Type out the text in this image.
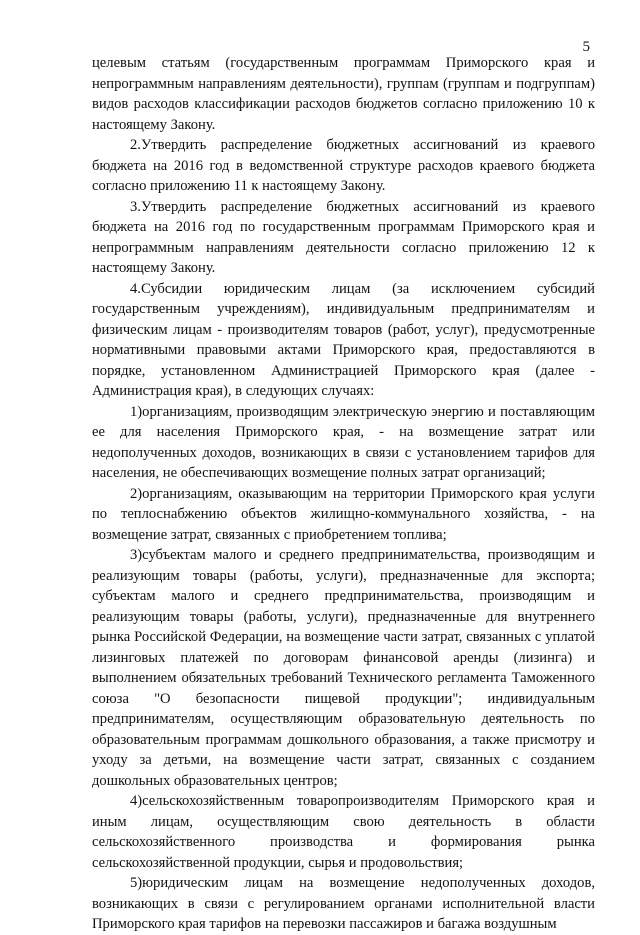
5

целевым статьям (государственным программам Приморского края и непрограммным направлениям деятельности), группам (группам и подгруппам) видов расходов классификации расходов бюджетов согласно приложению 10 к настоящему Закону.

2.Утвердить распределение бюджетных ассигнований из краевого бюджета на 2016 год в ведомственной структуре расходов краевого бюджета согласно приложению 11 к настоящему Закону.

3.Утвердить распределение бюджетных ассигнований из краевого бюджета на 2016 год по государственным программам Приморского края и непрограммным направлениям деятельности согласно приложению 12 к настоящему Закону.

4.Субсидии юридическим лицам (за исключением субсидий государственным учреждениям), индивидуальным предпринимателям и физическим лицам - производителям товаров (работ, услуг), предусмотренные нормативными правовыми актами Приморского края, предоставляются в порядке, установленном Администрацией Приморского края (далее - Администрация края), в следующих случаях:

1)организациям, производящим электрическую энергию и поставляющим ее для населения Приморского края, - на возмещение затрат или недополученных доходов, возникающих в связи с установлением тарифов для населения, не обеспечивающих возмещение полных затрат организаций;

2)организациям, оказывающим на территории Приморского края услуги по теплоснабжению объектов жилищно-коммунального хозяйства, - на возмещение затрат, связанных с приобретением топлива;

3)субъектам малого и среднего предпринимательства, производящим и реализующим товары (работы, услуги), предназначенные для экспорта; субъектам малого и среднего предпринимательства, производящим и реализующим товары (работы, услуги), предназначенные для внутреннего рынка Российской Федерации, на возмещение части затрат, связанных с уплатой лизинговых платежей по договорам финансовой аренды (лизинга) и выполнением обязательных требований Технического регламента Таможенного союза "О безопасности пищевой продукции"; индивидуальным предпринимателям, осуществляющим образовательную деятельность по образовательным программам дошкольного образования, а также присмотру и уходу за детьми, на возмещение части затрат, связанных с созданием дошкольных образовательных центров;

4)сельскохозяйственным товаропроизводителям Приморского края и иным лицам, осуществляющим свою деятельность в области сельскохозяйственного производства и формирования рынка сельскохозяйственной продукции, сырья и продовольствия;

5)юридическим лицам на возмещение недополученных доходов, возникающих в связи с регулированием органами исполнительной власти Приморского края тарифов на перевозки пассажиров и багажа воздушным
